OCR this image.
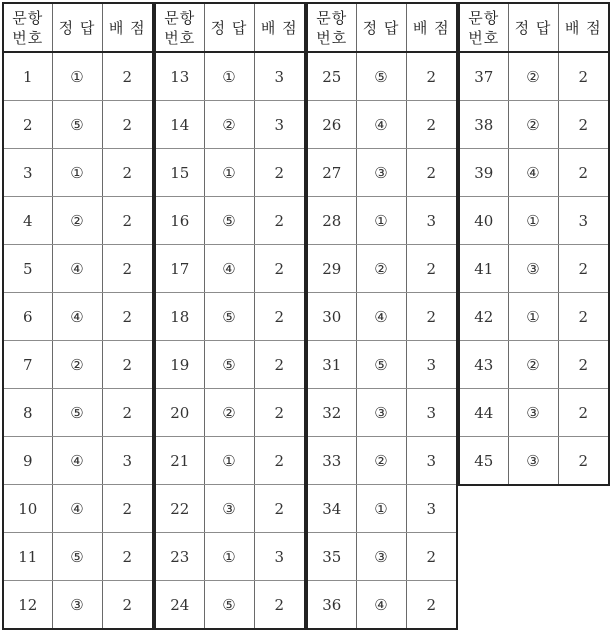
문항
번호	정 답	배 점
1	①	2
2	⑤	2
3	①	2
4	②	2
5	④	2
6	④	2
7	②	2
8	⑤	2
9	④	3
10	④	2
11	⑤	2
12	③	2
문항
번호	정 답	배 점
13	①	3
14	②	3
15	①	2
16	⑤	2
17	④	2
18	⑤	2
19	⑤	2
20	②	2
21	①	2
22	③	2
23	①	3
24	⑤	2
문항
번호	정 답	배 점
25	⑤	2
26	④	2
27	③	2
28	①	3
29	②	2
30	④	2
31	⑤	3
32	③	3
33	②	3
34	①	3
35	③	2
36	④	2
문항
번호	정 답	배 점
37	②	2
38	②	2
39	④	2
40	①	3
41	③	2
42	①	2
43	②	2
44	③	2
45	③	2
